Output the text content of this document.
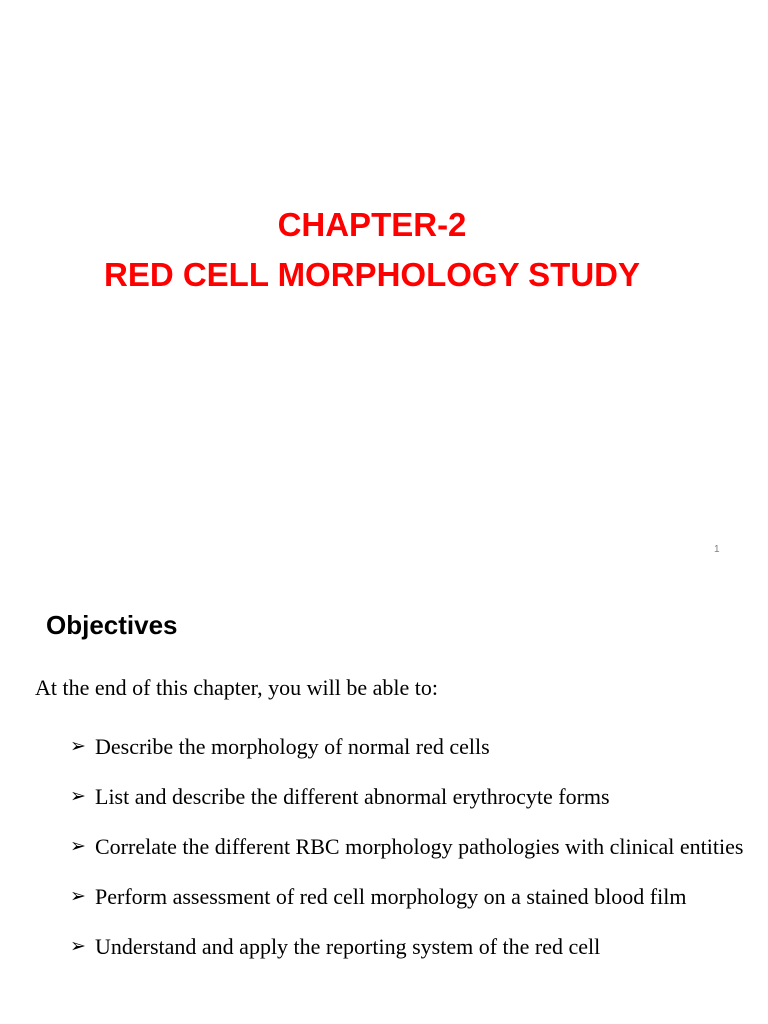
CHAPTER-2
RED CELL MORPHOLOGY STUDY
1
Objectives
At the end of this chapter, you will be able to:
➢ Describe the morphology of normal red cells
➢ List and describe the different abnormal erythrocyte forms
➢ Correlate the different RBC morphology pathologies with clinical entities
➢ Perform assessment of red cell morphology on a stained blood film
➢ Understand and apply the reporting system of the red cell
